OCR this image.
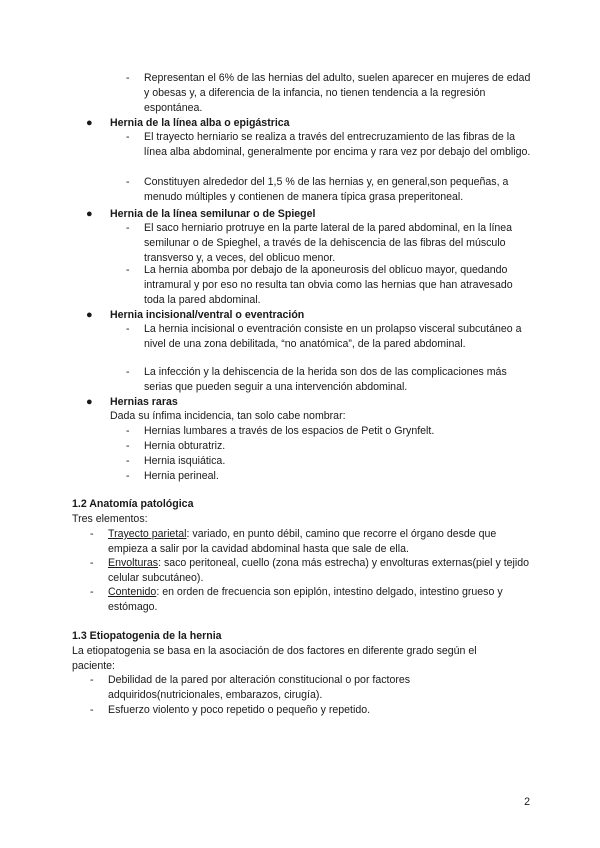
- Representan el 6% de las hernias del adulto, suelen aparecer en mujeres de edad y obesas y, a diferencia de la infancia, no tienen tendencia a la regresión espontánea.
● Hernia de la línea alba o epigástrica
- El trayecto herniario se realiza a través del entrecruzamiento de las fibras de la línea alba abdominal, generalmente por encima y rara vez por debajo del ombligo.
- Constituyen alrededor del 1,5 % de las hernias y, en general,son pequeñas, a menudo múltiples y contienen de manera típica grasa preperitoneal.
● Hernia de la línea semilunar o de Spiegel
- El saco herniario protruye en la parte lateral de la pared abdominal, en la línea semilunar o de Spieghel, a través de la dehiscencia de las fibras del músculo transverso y, a veces, del oblicuo menor.
- La hernia abomba por debajo de la aponeurosis del oblicuo mayor, quedando intramural y por eso no resulta tan obvia como las hernias que han atravesado toda la pared abdominal.
● Hernia incisional/ventral o eventración
- La hernia incisional o eventración consiste en un prolapso visceral subcutáneo a nivel de una zona debilitada, “no anatómica”, de la pared abdominal.
- La infección y la dehiscencia de la herida son dos de las complicaciones más serias que pueden seguir a una intervención abdominal.
● Hernias raras
Dada su ínfima incidencia, tan solo cabe nombrar:
- Hernias lumbares a través de los espacios de Petit o Grynfelt.
- Hernia obturatriz.
- Hernia isquiática.
- Hernia perineal.
1.2 Anatomía patológica
Tres elementos:
- Trayecto parietal: variado, en punto débil, camino que recorre el órgano desde que empieza a salir por la cavidad abdominal hasta que sale de ella.
- Envolturas: saco peritoneal, cuello (zona más estrecha) y envolturas externas(piel y tejido celular subcutáneo).
- Contenido: en orden de frecuencia son epiplón, intestino delgado, intestino grueso y estómago.
1.3 Etiopatogenia de la hernia
La etiopatogenia se basa en la asociación de dos factores en diferente grado según el paciente:
- Debilidad de la pared por alteración constitucional o por factores adquiridos(nutricionales, embarazos, cirugía).
- Esfuerzo violento y poco repetido o pequeño y repetido.
2
